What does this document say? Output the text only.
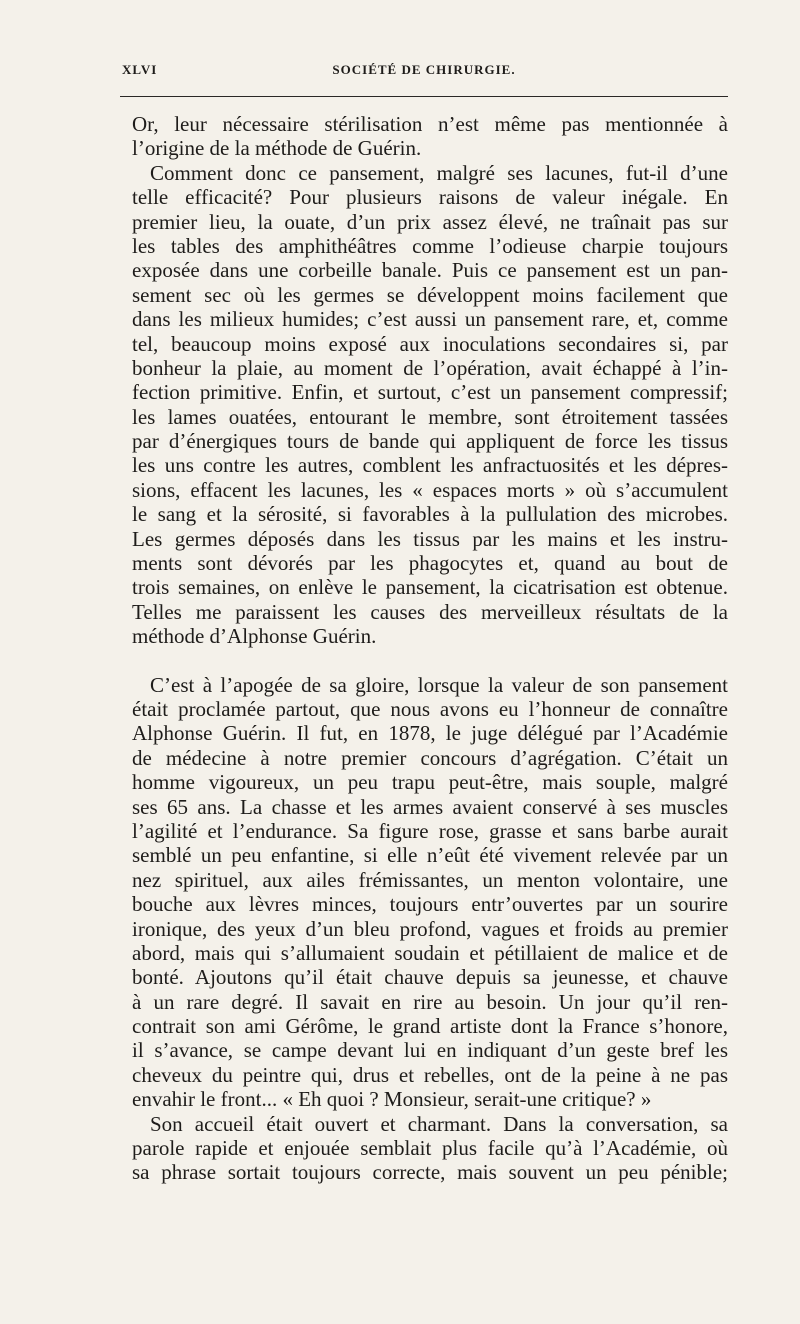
XLVI	SOCIÉTÉ DE CHIRURGIE.
Or, leur nécessaire stérilisation n’est même pas mentionnée à
l’origine de la méthode de Guérin.
Comment donc ce pansement, malgré ses lacunes, fut-il d’une
telle efficacité? Pour plusieurs raisons de valeur inégale. En
premier lieu, la ouate, d’un prix assez élevé, ne traînait pas sur
les tables des amphithéâtres comme l’odieuse charpie toujours
exposée dans une corbeille banale. Puis ce pansement est un pan-
sement sec où les germes se développent moins facilement que
dans les milieux humides; c’est aussi un pansement rare, et, comme
tel, beaucoup moins exposé aux inoculations secondaires si, par
bonheur la plaie, au moment de l’opération, avait échappé à l’in-
fection primitive. Enfin, et surtout, c’est un pansement compressif;
les lames ouatées, entourant le membre, sont étroitement tassées
par d’énergiques tours de bande qui appliquent de force les tissus
les uns contre les autres, comblent les anfractuosités et les dépres-
sions, effacent les lacunes, les « espaces morts » où s’accumulent
le sang et la sérosité, si favorables à la pullulation des microbes.
Les germes déposés dans les tissus par les mains et les instru-
ments sont dévorés par les phagocytes et, quand au bout de
trois semaines, on enlève le pansement, la cicatrisation est obtenue.
Telles me paraissent les causes des merveilleux résultats de la
méthode d’Alphonse Guérin.
C’est à l’apogée de sa gloire, lorsque la valeur de son pansement
était proclamée partout, que nous avons eu l’honneur de connaître
Alphonse Guérin. Il fut, en 1878, le juge délégué par l’Académie
de médecine à notre premier concours d’agrégation. C’était un
homme vigoureux, un peu trapu peut-être, mais souple, malgré
ses 65 ans. La chasse et les armes avaient conservé à ses muscles
l’agilité et l’endurance. Sa figure rose, grasse et sans barbe aurait
semblé un peu enfantine, si elle n’eût été vivement relevée par un
nez spirituel, aux ailes frémissantes, un menton volontaire, une
bouche aux lèvres minces, toujours entr’ouvertes par un sourire
ironique, des yeux d’un bleu profond, vagues et froids au premier
abord, mais qui s’allumaient soudain et pétillaient de malice et de
bonté. Ajoutons qu’il était chauve depuis sa jeunesse, et chauve
à un rare degré. Il savait en rire au besoin. Un jour qu’il ren-
contrait son ami Gérôme, le grand artiste dont la France s’honore,
il s’avance, se campe devant lui en indiquant d’un geste bref les
cheveux du peintre qui, drus et rebelles, ont de la peine à ne pas
envahir le front... « Eh quoi ? Monsieur, serait-une critique? »
Son accueil était ouvert et charmant. Dans la conversation, sa
parole rapide et enjouée semblait plus facile qu’à l’Académie, où
sa phrase sortait toujours correcte, mais souvent un peu pénible;
